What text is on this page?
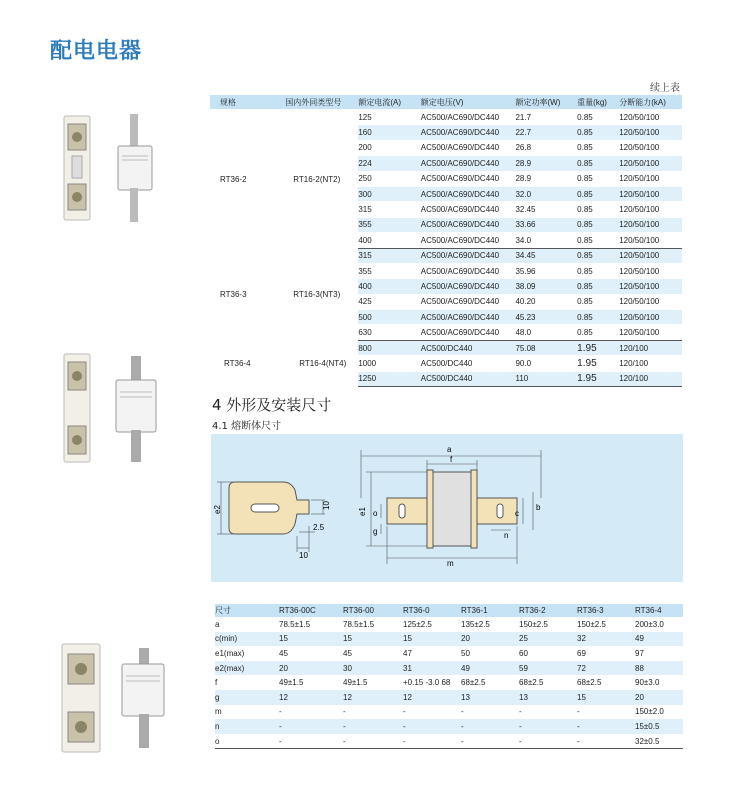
配电电器
续上表
规格	国内外同类型号	额定电流(A)	额定电压(V)	额定功率(W)	重量(kg)	分断能力(kA)
RT36-2	RT16-2(NT2)	125	AC500/AC690/DC440	21.7	0.85	120/50/100
		160	AC500/AC690/DC440	22.7	0.85	120/50/100
		200	AC500/AC690/DC440	26.8	0.85	120/50/100
		224	AC500/AC690/DC440	28.9	0.85	120/50/100
		250	AC500/AC690/DC440	28.9	0.85	120/50/100
		300	AC500/AC690/DC440	32.0	0.85	120/50/100
		315	AC500/AC690/DC440	32.45	0.85	120/50/100
		355	AC500/AC690/DC440	33.66	0.85	120/50/100
		400	AC500/AC690/DC440	34.0	0.85	120/50/100
RT36-3	RT16-3(NT3)	315	AC500/AC690/DC440	34.45	0.85	120/50/100
		355	AC500/AC690/DC440	35.96	0.85	120/50/100
		400	AC500/AC690/DC440	38.09	0.85	120/50/100
		425	AC500/AC690/DC440	40.20	0.85	120/50/100
		500	AC500/AC690/DC440	45.23	0.85	120/50/100
		630	AC500/AC690/DC440	48.0	0.85	120/50/100
RT36-4	RT16-4(NT4)	800	AC500/DC440	75.08	1.95	120/100
		1000	AC500/DC440	90.0	1.95	120/100
		1250	AC500/DC440	110	1.95	120/100
4 外形及安装尺寸
4.1 熔断体尺寸
e2	10
2.5
10
a
f
e1 o
g
c
b
n
m
尺寸	RT36-00C	RT36-00	RT36-0	RT36-1	RT36-2	RT36-3	RT36-4
a	78.5±1.5	78.5±1.5	125±2.5	135±2.5	150±2.5	150±2.5	200±3.0
c(min)	15	15	15	20	25	32	49
e1(max)	45	45	47	50	60	69	97
e2(max)	20	30	31	49	59	72	88
f	49±1.5	49±1.5	+0.15 -3.0 68	68±2.5	68±2.5	68±2.5	90±3.0
g	12	12	12	13	13	15	20
m	-	-	-	-	-	-	150±2.0
n	-	-	-	-	-	-	15±0.5
o	-	-	-	-	-	-	32±0.5
